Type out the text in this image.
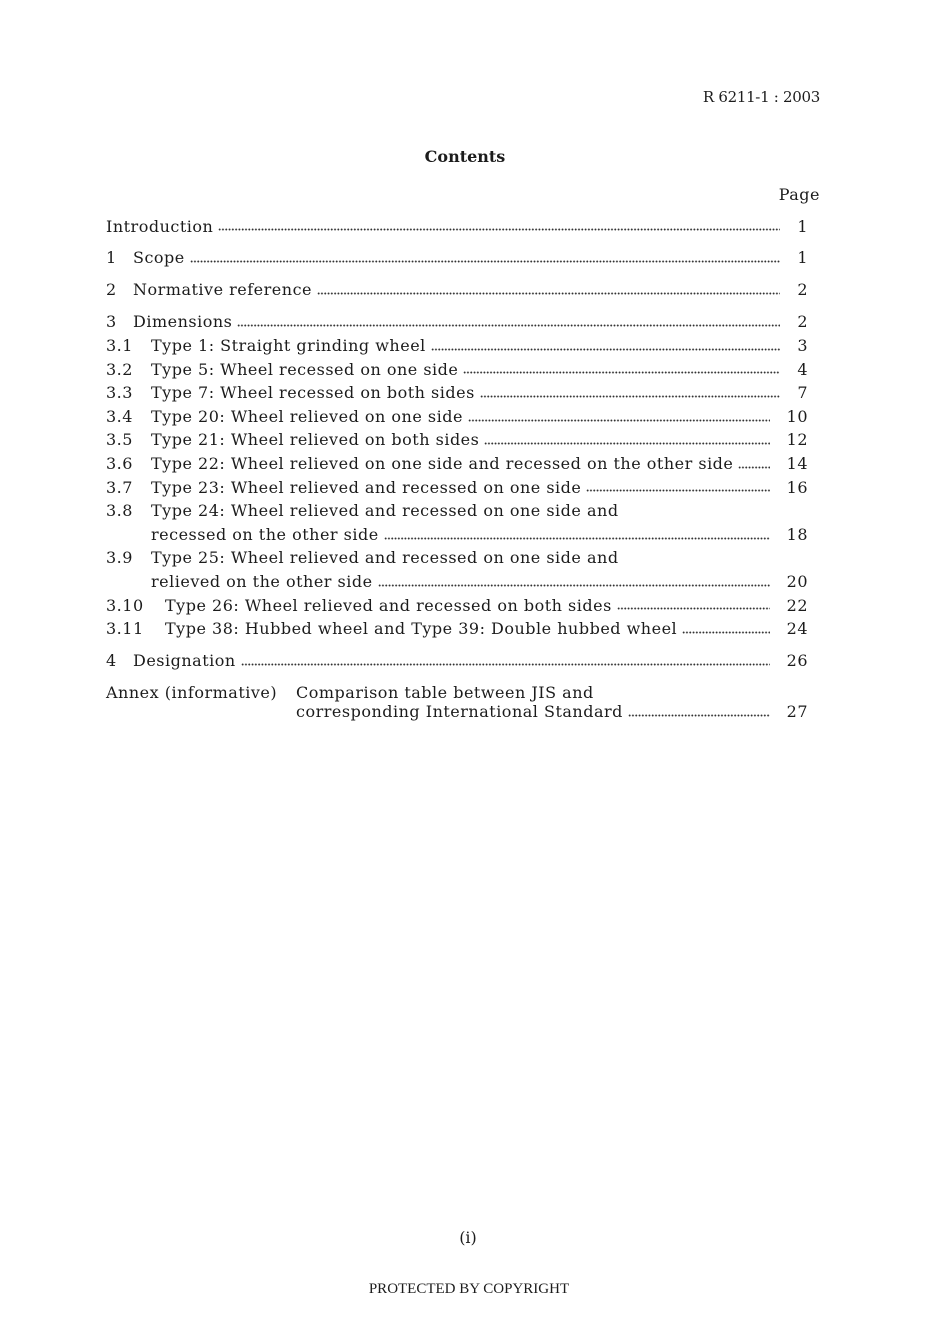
R 6211-1 : 2003
Contents
Page
Introduction	1
1	Scope	1
2	Normative reference	2
3	Dimensions	2
3.1	Type 1: Straight grinding wheel	3
3.2	Type 5: Wheel recessed on one side	4
3.3	Type 7: Wheel recessed on both sides	7
3.4	Type 20: Wheel relieved on one side	10
3.5	Type 21: Wheel relieved on both sides	12
3.6	Type 22: Wheel relieved on one side and recessed on the other side	14
3.7	Type 23: Wheel relieved and recessed on one side	16
3.8	Type 24: Wheel relieved and recessed on one side and
recessed on the other side	18
3.9	Type 25: Wheel relieved and recessed on one side and
relieved on the other side	20
3.10	Type 26: Wheel relieved and recessed on both sides	22
3.11	Type 38: Hubbed wheel and Type 39: Double hubbed wheel	24
4	Designation	26
Annex (informative)	Comparison table between JIS and
corresponding International Standard	27
(i)
PROTECTED BY COPYRIGHT
